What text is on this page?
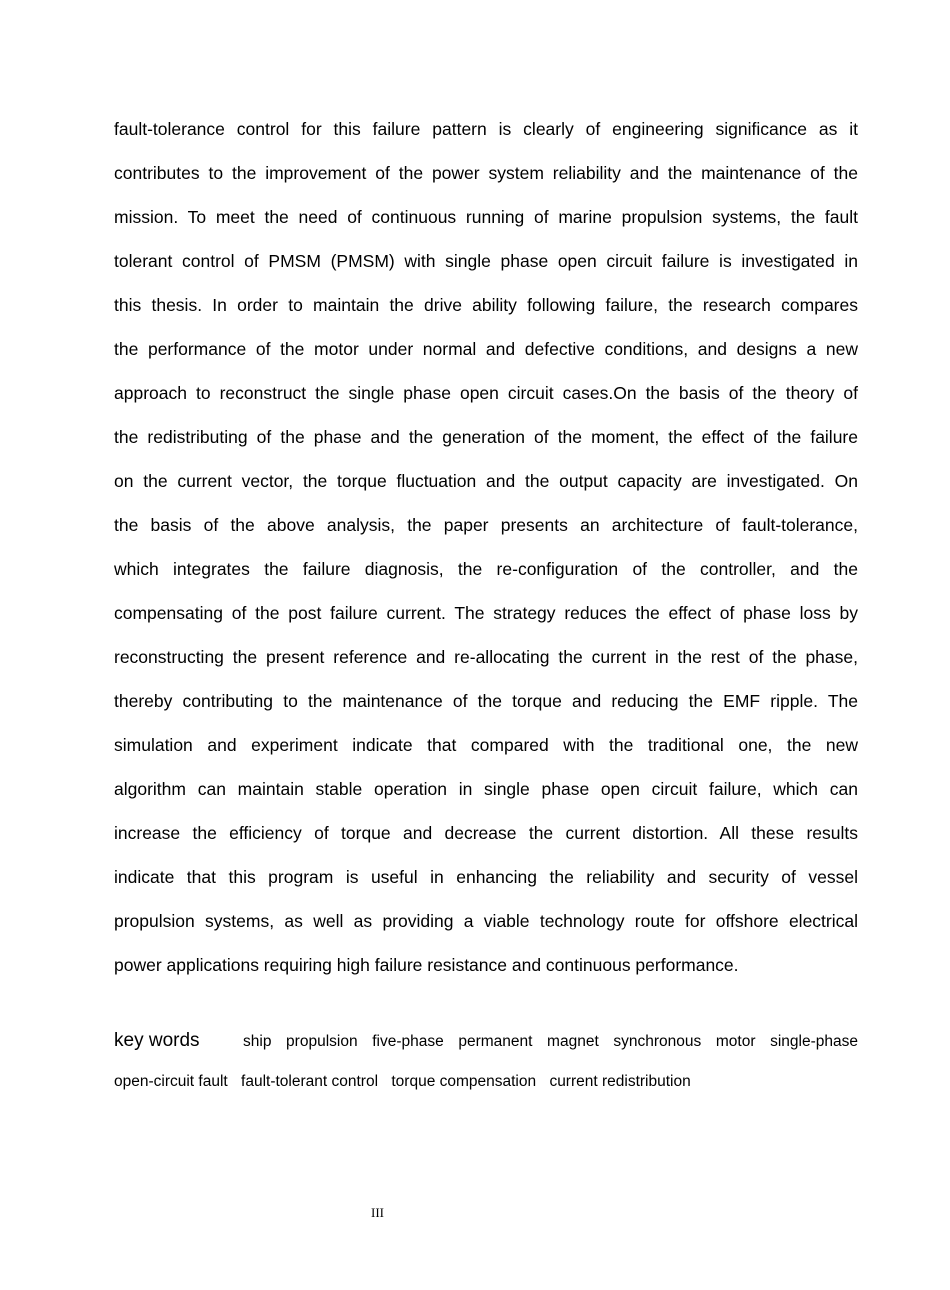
fault-tolerance control for this failure pattern is clearly of engineering significance as it
contributes to the improvement of the power system reliability and the maintenance of the
mission. To meet the need of continuous running of marine propulsion systems, the fault
tolerant control of PMSM (PMSM) with single phase open circuit failure is investigated in
this thesis. In order to maintain the drive ability following failure, the research compares
the performance of the motor under normal and defective conditions, and designs a new
approach to reconstruct the single phase open circuit cases.On the basis of the theory of
the redistributing of the phase and the generation of the moment, the effect of the failure
on the current vector, the torque fluctuation and the output capacity are investigated. On
the basis of the above analysis, the paper presents an architecture of fault-tolerance,
which integrates the failure diagnosis, the re-configuration of the controller, and the
compensating of the post failure current. The strategy reduces the effect of phase loss by
reconstructing the present reference and re-allocating the current in the rest of the phase,
thereby contributing to the maintenance of the torque and reducing the EMF ripple. The
simulation and experiment indicate that compared with the traditional one, the new
algorithm can maintain stable operation in single phase open circuit failure, which can
increase the efficiency of torque and decrease the current distortion. All these results
indicate that this program is useful in enhancing the reliability and security of vessel
propulsion systems, as well as providing a viable technology route for offshore electrical
power applications requiring high failure resistance and continuous performance.
key words	ship propulsion five-phase permanent magnet synchronous motor single-phase
open-circuit fault fault-tolerant control torque compensation current redistribution
III
